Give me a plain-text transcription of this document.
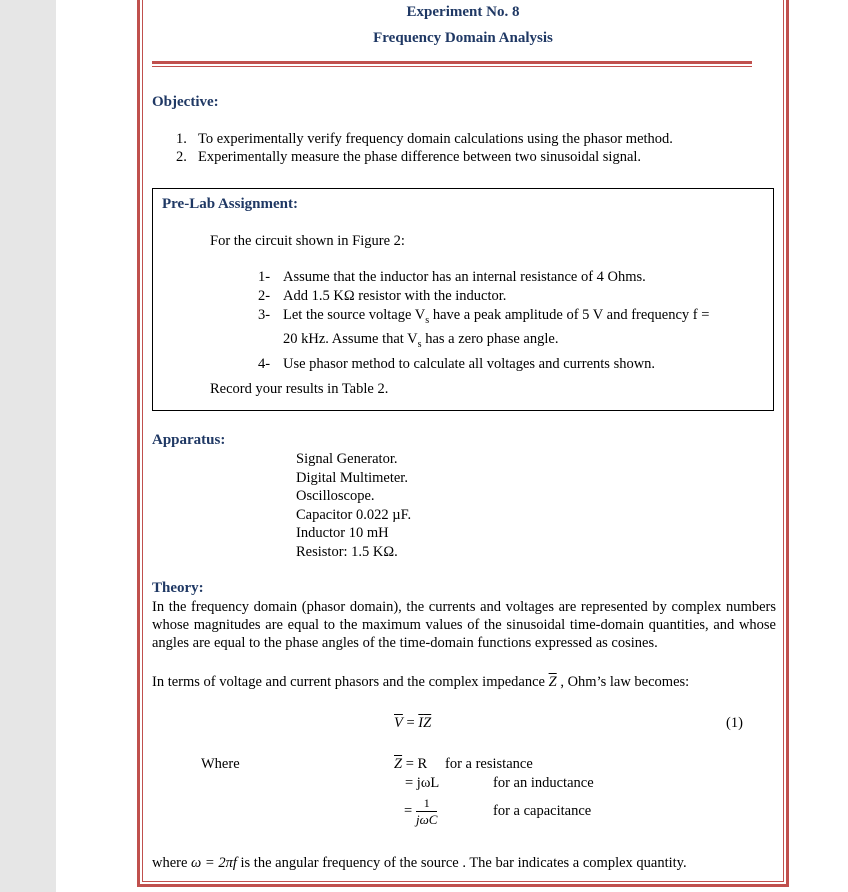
Experiment No. 8
Frequency Domain Analysis
Objective:
1. To experimentally verify frequency domain calculations using the phasor method.
2. Experimentally measure the phase difference between two sinusoidal signal.
Pre-Lab Assignment:
For the circuit shown in Figure 2:
1- Assume that the inductor has an internal resistance of 4 Ohms.
2- Add 1.5 KΩ resistor with the inductor.
3- Let the source voltage $V_s$ have a peak amplitude of 5 V and frequency f =
20 kHz. Assume that $V_s$ has a zero phase angle.
4- Use phasor method to calculate all voltages and currents shown.
Record your results in Table 2.
Apparatus:
Signal Generator.
Digital Multimeter.
Oscilloscope.
Capacitor 0.022 µF.
Inductor 10 mH
Resistor: 1.5 KΩ.
Theory:
In the frequency domain (phasor domain), the currents and voltages are represented by complex numbers whose magnitudes are equal to the maximum values of the sinusoidal time-domain quantities, and whose angles are equal to the phase angles of the time-domain functions expressed as cosines.
In terms of voltage and current phasors and the complex impedance $\overline{Z}$ , Ohm’s law becomes:
$\overline{V} = \overline{I}\overline{Z}$	(1)
Where	$\overline{Z} = R$ for a resistance
= jωL	for an inductance
= $\frac{1}{\text{jωC}}$	for a capacitance
where ω = 2πf is the angular frequency of the source . The bar indicates a complex quantity.
